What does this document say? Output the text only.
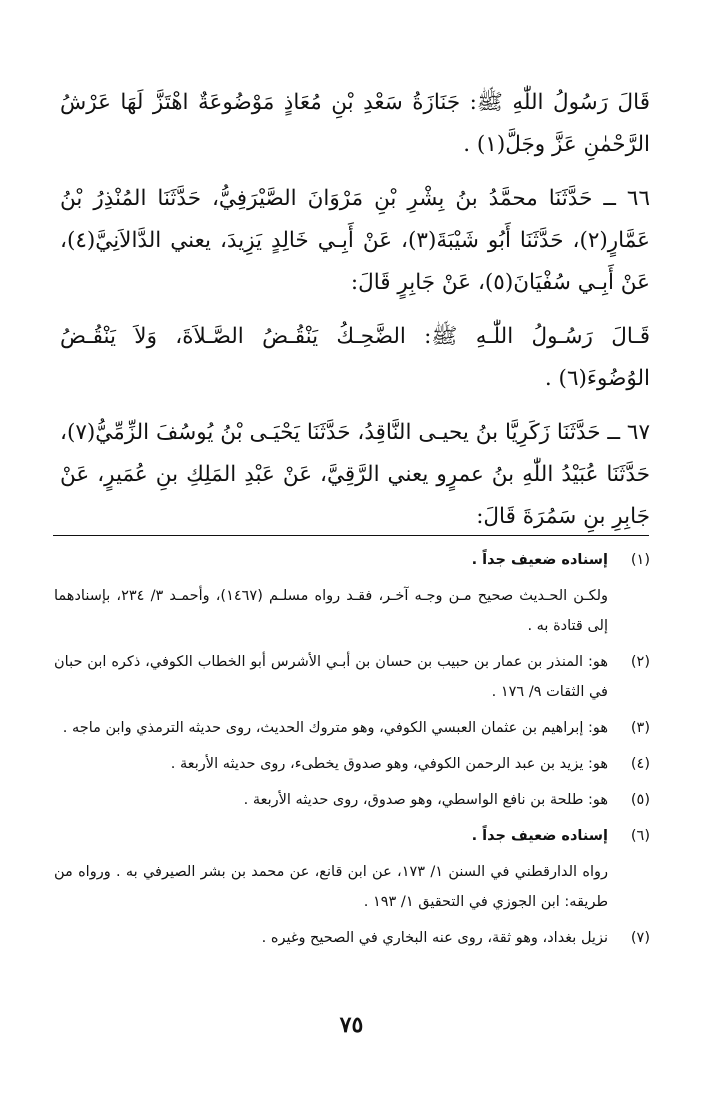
قَالَ رَسُولُ اللّٰهِ ﷺ: جَنَازَةُ سَعْدِ بْنِ مُعَاذٍ مَوْضُوعَةٌ اهْتَزَّ لَهَا عَرْشُ الرَّحْمٰنِ عَزَّ وجَلَّ(١) .

٦٦ ــ حَدَّثَنَا محمَّدُ بنُ بِشْرِ بْنِ مَرْوَانَ الصَّيْرَفِيُّ، حَدَّثَنَا المُنْذِرُ بْنُ عَمَّارٍ(٢)، حَدَّثَنَا أَبُو شَيْبَةَ(٣)، عَنْ أَبِـي خَالِدٍ يَزِيدَ، يعني الدَّالاَنِيَّ(٤)، عَنْ أَبِـي سُفْيَانَ(٥)، عَنْ جَابِرٍ قَالَ:

قَـالَ رَسُـولُ اللّٰـهِ ﷺ: الضَّحِـكُ يَنْقُـضُ الصَّـلاَةَ، وَلاَ يَنْقُـضُ الوُضُوءَ(٦) .

٦٧ ــ حَدَّثَنَا زَكَرِيَّا بنُ يحيـى النَّاقِدُ، حَدَّثَنَا يَحْيَـى بْنُ يُوسُفَ الزِّمِّيُّ(٧)، حَدَّثَنَا عُبَيْدُ اللّٰهِ بنُ عمرٍو يعني الرَّقِيَّ، عَنْ عَبْدِ المَلِكِ بنِ عُمَيرٍ، عَنْ جَابِرِ بنِ سَمُرَةَ قَالَ:

(١)
إسناده ضعيف جداً .
ولكـن الحـديث صحيح مـن وجـه آخـر، فقـد رواه مسلـم (١٤٦٧)، وأحمـد ٣/ ٢٣٤، بإسنادهما إلى قتادة به .
(٢)
هو: المنذر بن عمار بن حبيب بن حسان بن أبـي الأشرس أبو الخطاب الكوفي، ذكره ابن حبان في الثقات ٩/ ١٧٦ .
(٣)
هو: إبراهيم بن عثمان العبسي الكوفي، وهو متروك الحديث، روى حديثه الترمذي وابن ماجه .
(٤)
هو: يزيد بن عبد الرحمن الكوفي، وهو صدوق يخطىء، روى حديثه الأربعة .
(٥)
هو: طلحة بن نافع الواسطي، وهو صدوق، روى حديثه الأربعة .
(٦)
إسناده ضعيف جداً .
رواه الدارقطني في السنن ١/ ١٧٣، عن ابن قانع، عن محمد بن بشر الصيرفي به . ورواه من طريقه: ابن الجوزي في التحقيق ١/ ١٩٣ .
(٧)
نزيل بغداد، وهو ثقة، روى عنه البخاري في الصحيح وغيره .
٧٥
